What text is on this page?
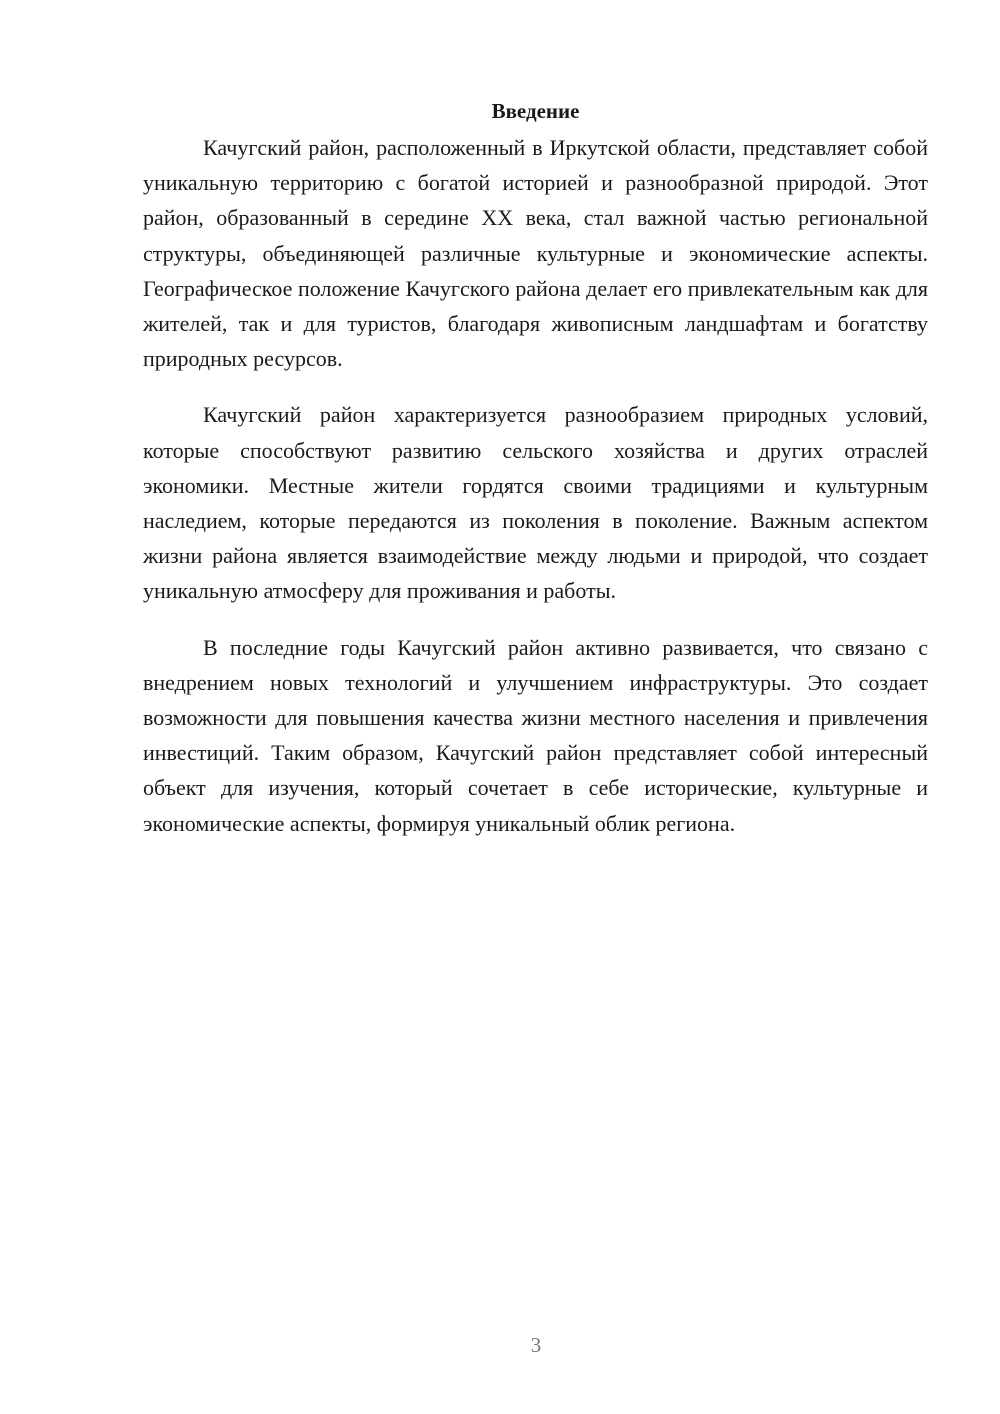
Введение

Качугский район, расположенный в Иркутской области, представляет собой уникальную территорию с богатой историей и разнообразной природой. Этот район, образованный в середине XX века, стал важной частью региональной структуры, объединяющей различные культурные и экономические аспекты. Географическое положение Качугского района делает его привлекательным как для жителей, так и для туристов, благодаря живописным ландшафтам и богатству природных ресурсов.

Качугский район характеризуется разнообразием природных условий, которые способствуют развитию сельского хозяйства и других отраслей экономики. Местные жители гордятся своими традициями и культурным наследием, которые передаются из поколения в поколение. Важным аспектом жизни района является взаимодействие между людьми и природой, что создает уникальную атмосферу для проживания и работы.

В последние годы Качугский район активно развивается, что связано с внедрением новых технологий и улучшением инфраструктуры. Это создает возможности для повышения качества жизни местного населения и привлечения инвестиций. Таким образом, Качугский район представляет собой интересный объект для изучения, который сочетает в себе исторические, культурные и экономические аспекты, формируя уникальный облик региона.

3
